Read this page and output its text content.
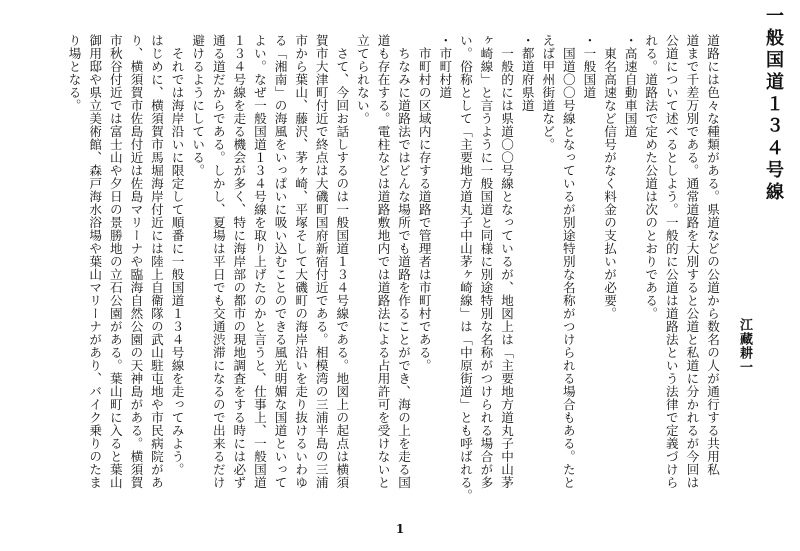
一般国道１３４号線
江藏耕一

道路には色々な種類がある。県道などの公道から数名の人が通行する共用私

道まで千差万別である。通常道路を大別すると公道と私道に分かれるが今回は

公道について述べるとしよう。一般的に公道は道路法という法律で定義づけら

れる。道路法で定めた公道は次のとおりである。

・高速自動車国道

　東名高速など信号がなく料金の支払いが必要。

・一般国道

　国道〇〇号線となっているが別途特別な名称がつけられる場合もある。たと

えば甲州街道など。

・都道府県道

　一般的には県道〇〇号線となっているが、地図上は「主要地方道丸子中山茅

ヶ崎線」と言うように一般国道と同様に別途特別な名称がつけられる場合が多

い。俗称として「主要地方道丸子中山茅ヶ崎線」は「中原街道」とも呼ばれる。

・市町村道

　市町村の区域内に存する道路で管理者は市町村である。

　ちなみに道路法ではどんな場所でも道路を作ることができ、海の上を走る国

道も存在する。電柱などは道路敷地内では道路法による占用許可を受けないと

立てられない。

　さて、今回お話しするのは一般国道１３４号線である。地図上の起点は横須

賀市大津町付近で終点は大磯町国府新宿付近である。相模湾の三浦半島の三浦

市から葉山、藤沢、茅ヶ崎、平塚そして大磯町の海岸沿いを走り抜けるいわゆ

る「湘南」の海風をいっぱいに吸い込むことのできる風光明媚な国道といって

よい。なぜ一般国道１３４号線を取り上げたのかと言うと、仕事上、一般国道

１３４号線を走る機会が多く、特に海岸部の都市の現地調査をする時には必ず

通る道だからである。しかし、夏場は平日でも交通渋滞になるので出来るだけ

避けるようにしている。

　それでは海岸沿いに限定して順番に一般国道１３４号線を走ってみよう。

はじめに、横須賀市馬堀海岸付近には陸上自衛隊の武山駐屯地や市民病院があ

り、横須賀市佐島付近は佐島マリーナや臨海自然公園の天神島がある。横須賀

市秋谷付近では富士山や夕日の景勝地の立石公園がある。葉山町に入ると葉山

御用邸や県立美術館、森戸海水浴場や葉山マリーナがあり、バイク乗りのたま

り場となる。

1
